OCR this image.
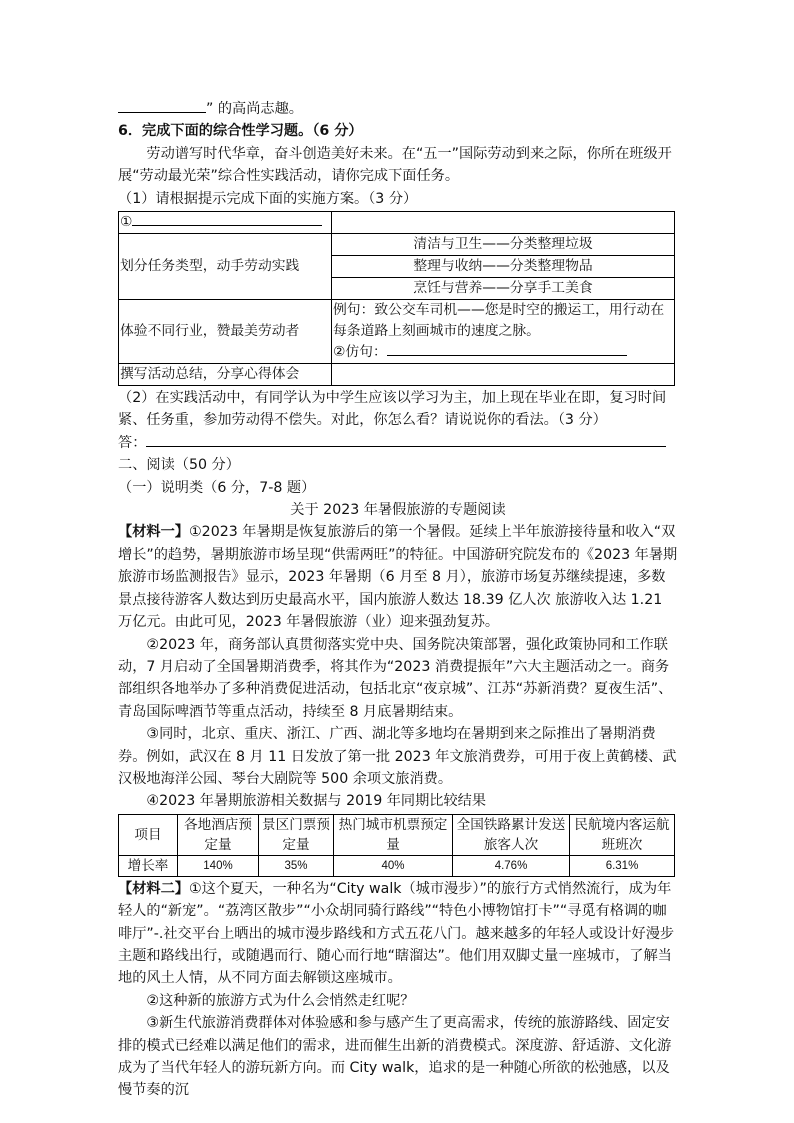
” 的高尚志趣。

6．完成下面的综合性学习题。（6 分）

劳动谱写时代华章，奋斗创造美好未来。在“五一”国际劳动到来之际，你所在班级开展“劳动最光荣”综合性实践活动，请你完成下面任务。

（1）请根据提示完成下面的实施方案。（3 分）

①	
划分任务类型，动手劳动实践	清洁与卫生——分类整理垃圾
	整理与收纳——分类整理物品
	烹饪与营养——分享手工美食
体验不同行业，赞最美劳动者	例句：致公交车司机——您是时空的搬运工，用行动在每条道路上刻画城市的速度之脉。
②仿句：

撰写活动总结，分享心得体会	

（2）在实践活动中，有同学认为中学生应该以学习为主，加上现在毕业在即，复习时间紧、任务重，参加劳动得不偿失。对此，你怎么看？请说说你的看法。（3 分）

答：

二、阅读（50 分）

（一）说明类（6 分，7-8 题）

关于 2023 年暑假旅游的专题阅读

【材料一】①2023 年暑期是恢复旅游后的第一个暑假。延续上半年旅游接待量和收入“双增长”的趋势，暑期旅游市场呈现“供需两旺”的特征。中国游研究院发布的《2023 年暑期旅游市场监测报告》显示，2023 年暑期（6 月至 8 月），旅游市场复苏继续提速，多数景点接待游客人数达到历史最高水平，国内旅游人数达 18.39 亿人次 旅游收入达 1.21 万亿元。由此可见，2023 年暑假旅游（业）迎来强劲复苏。

②2023 年，商务部认真贯彻落实党中央、国务院决策部署，强化政策协同和工作联动，7 月启动了全国暑期消费季，将其作为“2023 消费提振年”六大主题活动之一。商务部组织各地举办了多种消费促进活动，包括北京“夜京城”、江苏“苏新消费？夏夜生活”、青岛国际啤酒节等重点活动，持续至 8 月底暑期结束。

③同时，北京、重庆、浙江、广西、湖北等多地均在暑期到来之际推出了暑期消费券。例如，武汉在 8 月 11 日发放了第一批 2023 年文旅消费券，可用于夜上黄鹤楼、武汉极地海洋公园、琴台大剧院等 500 余项文旅消费。

④2023 年暑期旅游相关数据与 2019 年同期比较结果

项目	各地酒店预定量	景区门票预定量	热门城市机票预定量	全国铁路累计发送旅客人次	民航境内客运航班班次
增长率	140%	35%	40%	4.76%	6.31%

【材料二】①这个夏天，一种名为“City walk（城市漫步）”的旅行方式悄然流行，成为年轻人的“新宠”。“荔湾区散步”“小众胡同骑行路线”“特色小博物馆打卡”“寻觅有格调的咖啡厅”-.社交平台上晒出的城市漫步路线和方式五花八门。越来越多的年轻人或设计好漫步主题和路线出行，或随遇而行、随心而行地“瞎溜达”。他们用双脚丈量一座城市，了解当地的风土人情，从不同方面去解锁这座城市。

②这种新的旅游方式为什么会悄然走红呢？

③新生代旅游消费群体对体验感和参与感产生了更高需求，传统的旅游路线、固定安排的模式已经难以满足他们的需求，进而催生出新的消费模式。深度游、舒适游、文化游成为了当代年轻人的游玩新方向。而 City walk，追求的是一种随心所欲的松弛感，以及慢节奏的沉
